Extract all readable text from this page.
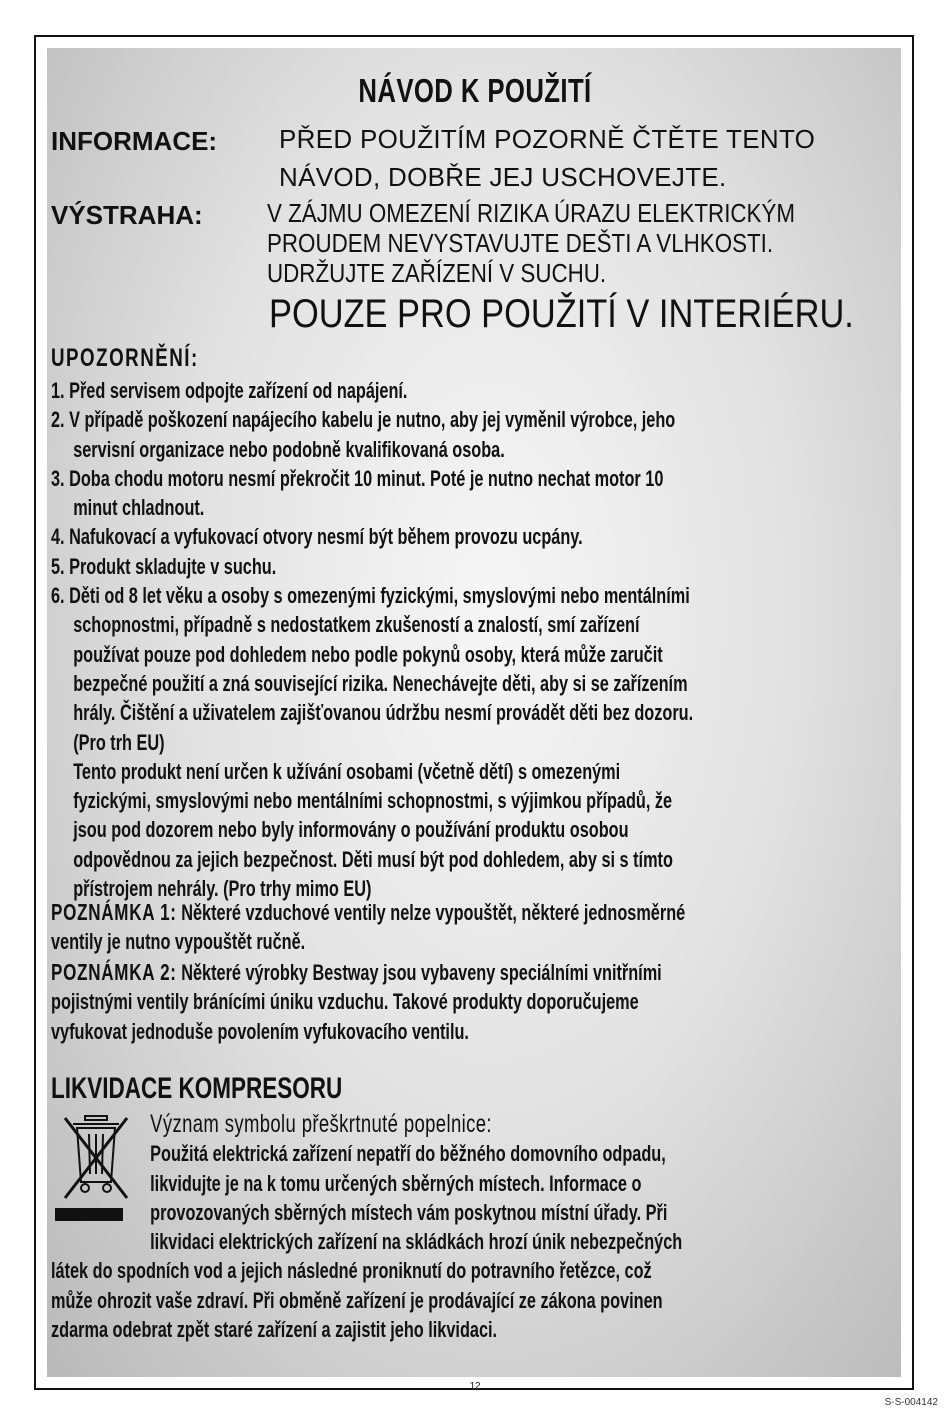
NÁVOD K POUŽITÍ
INFORMACE: PŘED POUŽITÍM POZORNĚ ČTĚTE TENTO
NÁVOD, DOBŘE JEJ USCHOVEJTE.
VÝSTRAHA: V ZÁJMU OMEZENÍ RIZIKA ÚRAZU ELEKTRICKÝM
PROUDEM NEVYSTAVUJTE DEŠTI A VLHKOSTI.
UDRŽUJTE ZAŘÍZENÍ V SUCHU.
POUZE PRO POUŽITÍ V INTERIÉRU.
UPOZORNĚNÍ:
1. Před servisem odpojte zařízení od napájení.
2. V případě poškození napájecího kabelu je nutno, aby jej vyměnil výrobce, jeho
servisní organizace nebo podobně kvalifikovaná osoba.
3. Doba chodu motoru nesmí překročit 10 minut. Poté je nutno nechat motor 10
minut chladnout.
4. Nafukovací a vyfukovací otvory nesmí být během provozu ucpány.
5. Produkt skladujte v suchu.
6. Děti od 8 let věku a osoby s omezenými fyzickými, smyslovými nebo mentálními
schopnostmi, případně s nedostatkem zkušeností a znalostí, smí zařízení
používat pouze pod dohledem nebo podle pokynů osoby, která může zaručit
bezpečné použití a zná související rizika. Nenechávejte děti, aby si se zařízením
hrály. Čištění a uživatelem zajišťovanou údržbu nesmí provádět děti bez dozoru.
(Pro trh EU)
Tento produkt není určen k užívání osobami (včetně dětí) s omezenými
fyzickými, smyslovými nebo mentálními schopnostmi, s výjimkou případů, že
jsou pod dozorem nebo byly informovány o používání produktu osobou
odpovědnou za jejich bezpečnost. Děti musí být pod dohledem, aby si s tímto
přístrojem nehrály. (Pro trhy mimo EU)
POZNÁMKA 1: Některé vzduchové ventily nelze vypouštět, některé jednosměrné
ventily je nutno vypouštět ručně.
POZNÁMKA 2: Některé výrobky Bestway jsou vybaveny speciálními vnitřními
pojistnými ventily bránícími úniku vzduchu. Takové produkty doporučujeme
vyfukovat jednoduše povolením vyfukovacího ventilu.
LIKVIDACE KOMPRESORU
Význam symbolu přeškrtnuté popelnice:
Použitá elektrická zařízení nepatří do běžného domovního odpadu,
likvidujte je na k tomu určených sběrných místech. Informace o
provozovaných sběrných místech vám poskytnou místní úřady. Při
likvidaci elektrických zařízení na skládkách hrozí únik nebezpečných
látek do spodních vod a jejich následné proniknutí do potravního řetězce, což
může ohrozit vaše zdraví. Při obměně zařízení je prodávající ze zákona povinen
zdarma odebrat zpět staré zařízení a zajistit jeho likvidaci.
12
S-S-004142
